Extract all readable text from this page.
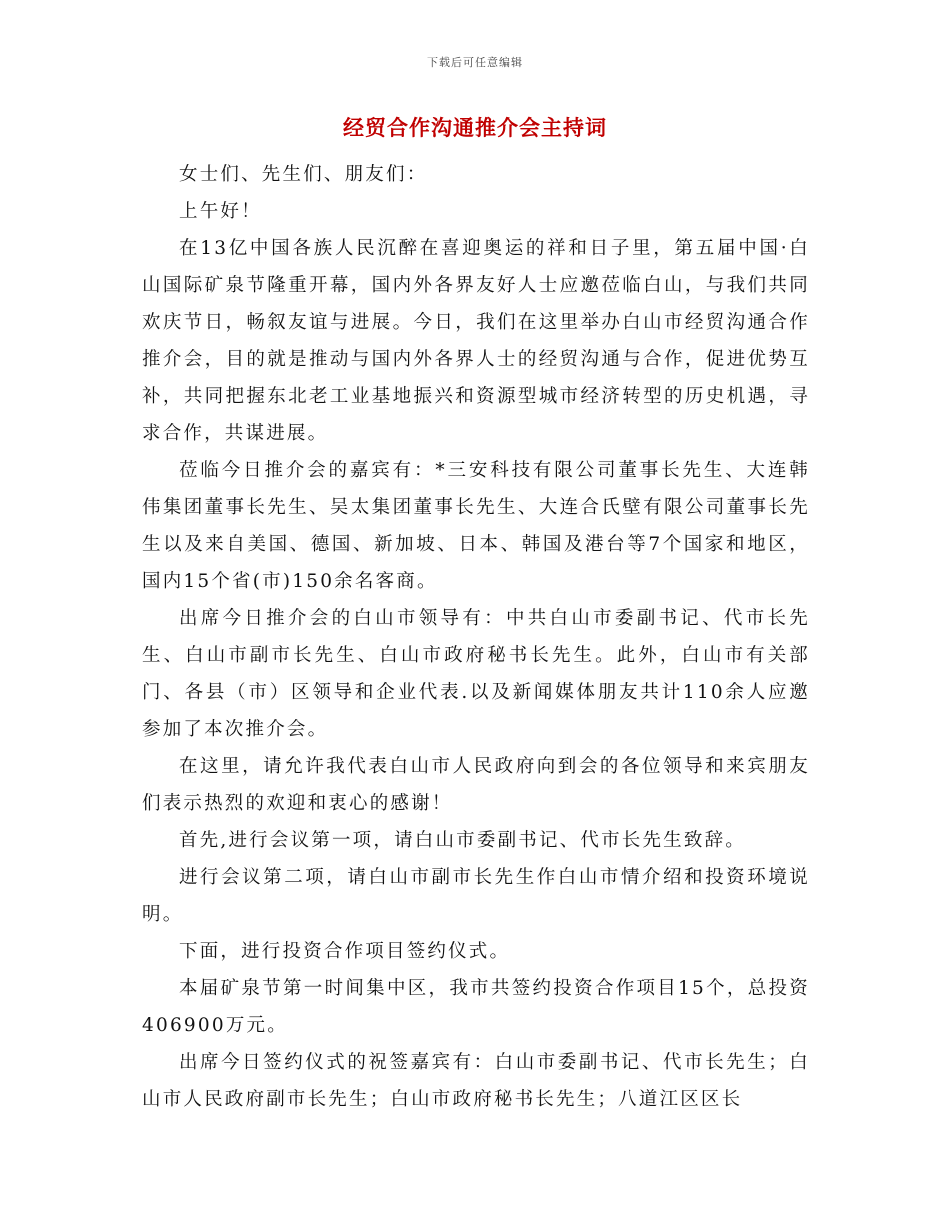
下载后可任意编辑
经贸合作沟通推介会主持词

女士们、先生们、朋友们：

上午好！

在13亿中国各族人民沉醉在喜迎奥运的祥和日子里，第五届中国·白山国际矿泉节隆重开幕，国内外各界友好人士应邀莅临白山，与我们共同欢庆节日，畅叙友谊与进展。今日，我们在这里举办白山市经贸沟通合作推介会，目的就是推动与国内外各界人士的经贸沟通与合作，促进优势互补，共同把握东北老工业基地振兴和资源型城市经济转型的历史机遇，寻求合作，共谋进展。

莅临今日推介会的嘉宾有：*三安科技有限公司董事长先生、大连韩伟集团董事长先生、吴太集团董事长先生、大连合氏壁有限公司董事长先生以及来自美国、德国、新加坡、日本、韩国及港台等7个国家和地区，国内15个省(市)150余名客商。

出席今日推介会的白山市领导有：中共白山市委副书记、代市长先生、白山市副市长先生、白山市政府秘书长先生。此外，白山市有关部门、各县（市）区领导和企业代表.以及新闻媒体朋友共计110余人应邀参加了本次推介会。

在这里，请允许我代表白山市人民政府向到会的各位领导和来宾朋友们表示热烈的欢迎和衷心的感谢！

首先,进行会议第一项，请白山市委副书记、代市长先生致辞。

进行会议第二项，请白山市副市长先生作白山市情介绍和投资环境说明。

下面，进行投资合作项目签约仪式。

本届矿泉节第一时间集中区，我市共签约投资合作项目15个，总投资406900万元。

出席今日签约仪式的祝签嘉宾有：白山市委副书记、代市长先生；白山市人民政府副市长先生；白山市政府秘书长先生；八道江区区长
